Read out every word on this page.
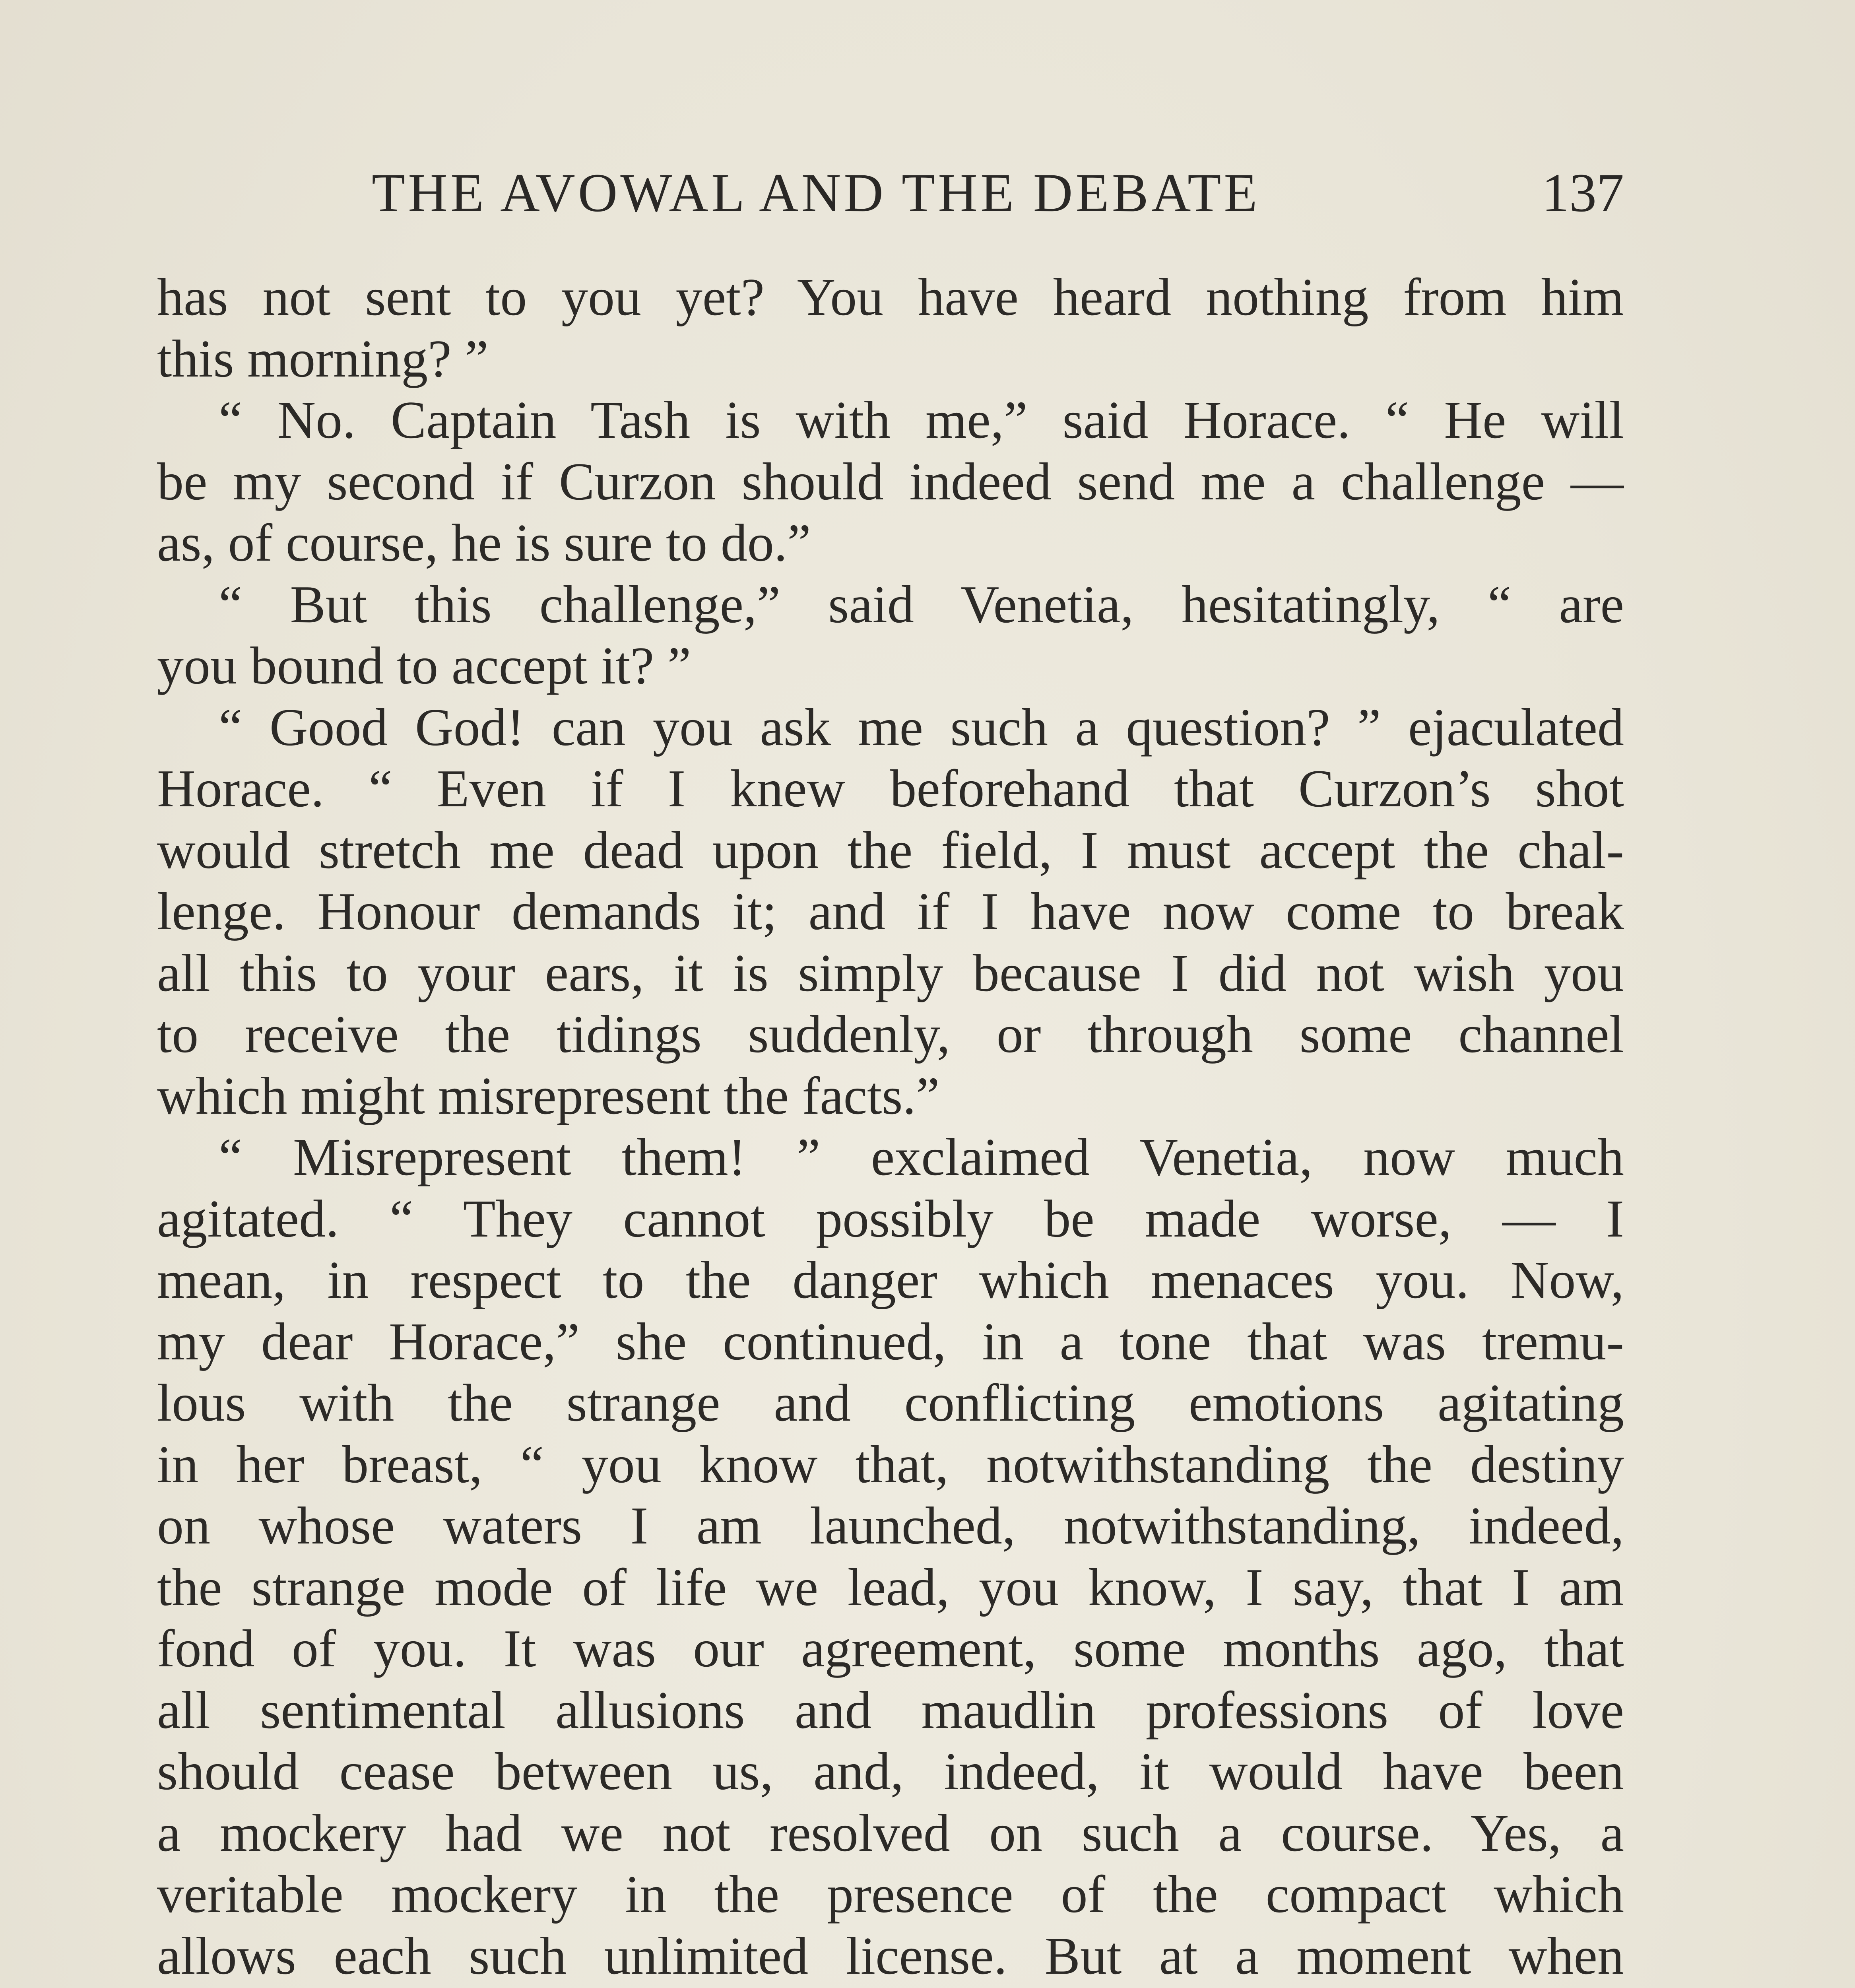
THE AVOWAL AND THE DEBATE	137
has not sent to you yet? You have heard nothing from him
this morning? ”
“ No. Captain Tash is with me,” said Horace. “ He will
be my second if Curzon should indeed send me a challenge —
as, of course, he is sure to do.”
“ But this challenge,” said Venetia, hesitatingly, “ are
you bound to accept it? ”
“ Good God! can you ask me such a question? ” ejaculated
Horace. “ Even if I knew beforehand that Curzon’s shot
would stretch me dead upon the field, I must accept the chal-
lenge. Honour demands it; and if I have now come to break
all this to your ears, it is simply because I did not wish you
to receive the tidings suddenly, or through some channel
which might misrepresent the facts.”
“ Misrepresent them! ” exclaimed Venetia, now much
agitated. “ They cannot possibly be made worse, — I
mean, in respect to the danger which menaces you. Now,
my dear Horace,” she continued, in a tone that was tremu-
lous with the strange and conflicting emotions agitating
in her breast, “ you know that, notwithstanding the destiny
on whose waters I am launched, notwithstanding, indeed,
the strange mode of life we lead, you know, I say, that I am
fond of you. It was our agreement, some months ago, that
all sentimental allusions and maudlin professions of love
should cease between us, and, indeed, it would have been
a mockery had we not resolved on such a course. Yes, a
veritable mockery in the presence of the compact which
allows each such unlimited license. But at a moment when
